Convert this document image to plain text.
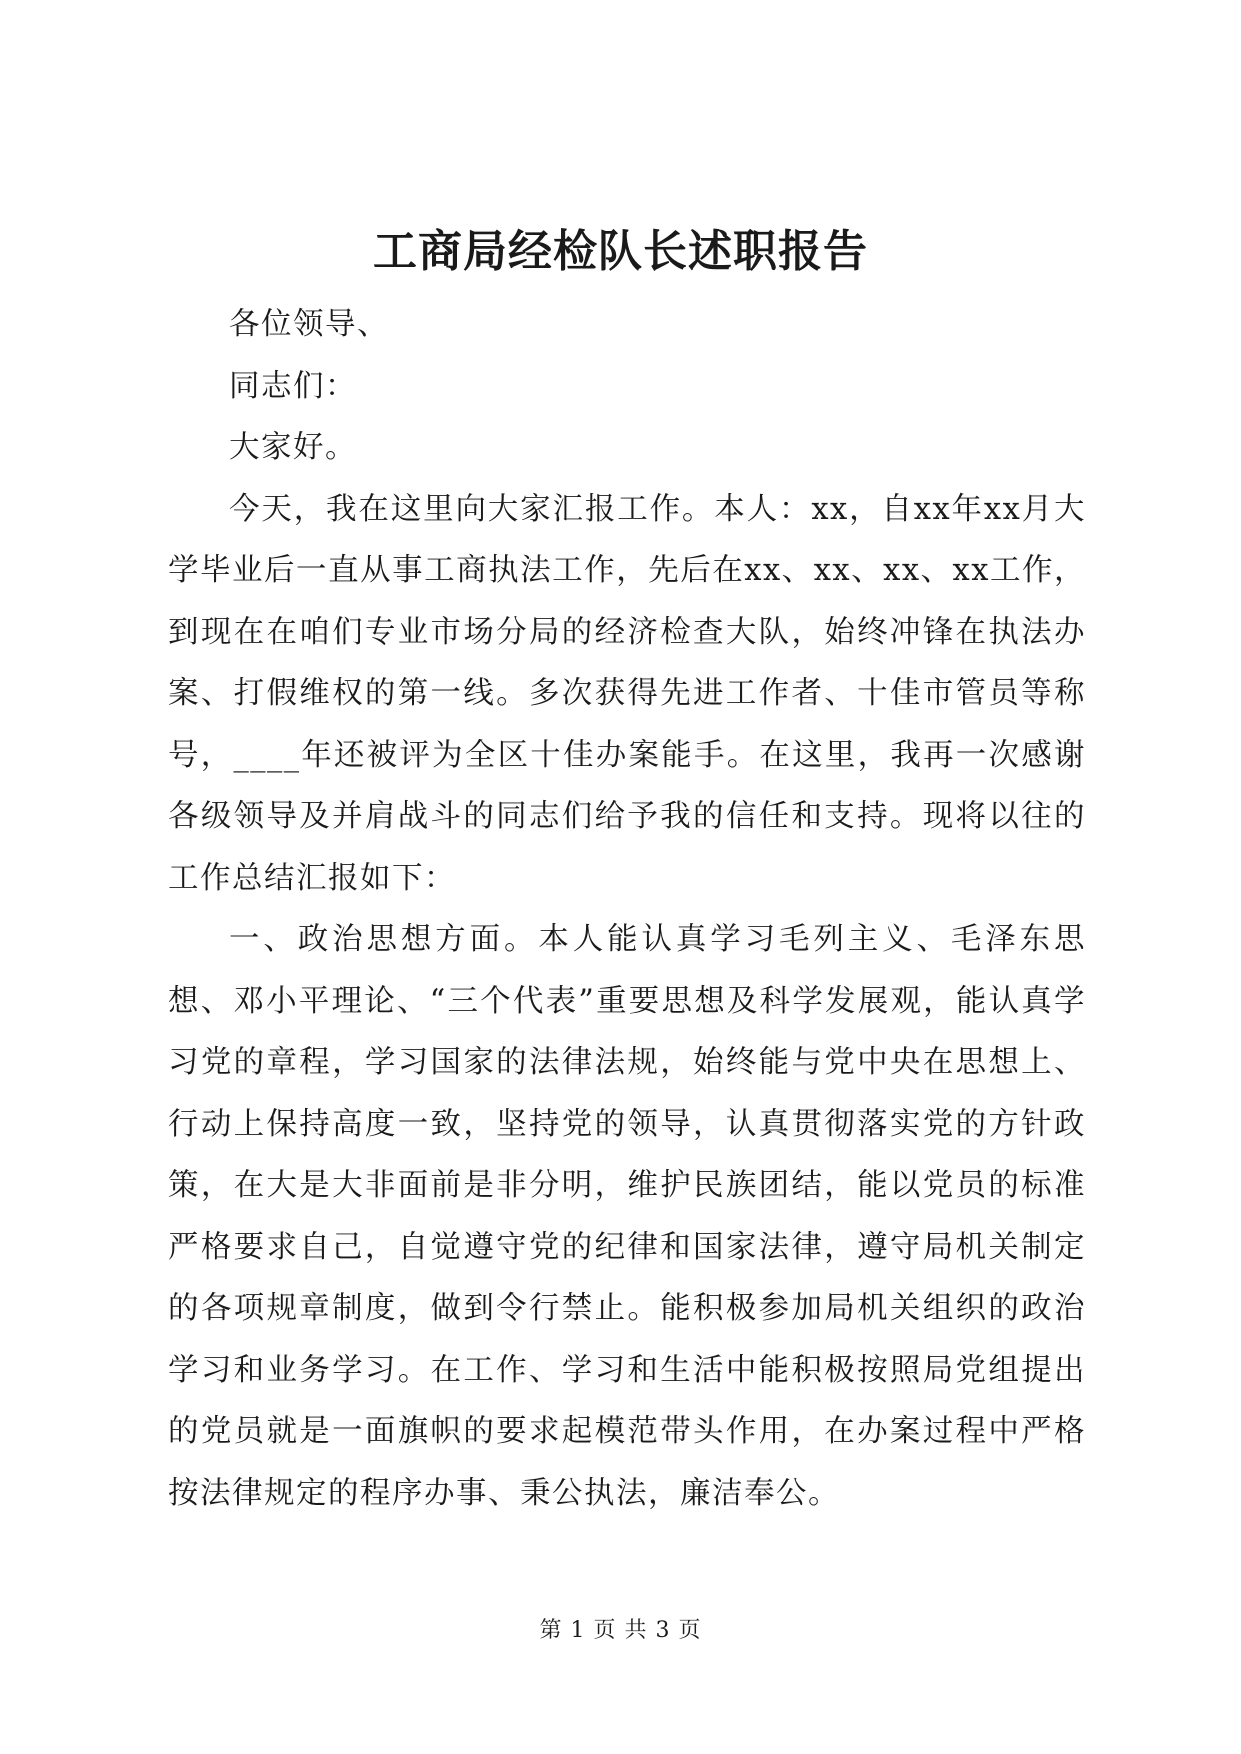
工商局经检队长述职报告

各位领导、

同志们：

大家好。

今天，我在这里向大家汇报工作。本人：xx，自xx年xx月大学毕业后一直从事工商执法工作，先后在xx、xx、xx、xx工作，到现在在咱们专业市场分局的经济检查大队，始终冲锋在执法办案、打假维权的第一线。多次获得先进工作者、十佳市管员等称号，____年还被评为全区十佳办案能手。在这里，我再一次感谢各级领导及并肩战斗的同志们给予我的信任和支持。现将以往的工作总结汇报如下：

一、政治思想方面。本人能认真学习毛列主义、毛泽东思想、邓小平理论、“三个代表”重要思想及科学发展观，能认真学习党的章程，学习国家的法律法规，始终能与党中央在思想上、行动上保持高度一致，坚持党的领导，认真贯彻落实党的方针政策，在大是大非面前是非分明，维护民族团结，能以党员的标准严格要求自己，自觉遵守党的纪律和国家法律，遵守局机关制定的各项规章制度，做到令行禁止。能积极参加局机关组织的政治学习和业务学习。在工作、学习和生活中能积极按照局党组提出的党员就是一面旗帜的要求起模范带头作用，在办案过程中严格按法律规定的程序办事、秉公执法，廉洁奉公。

第 1 页 共 3 页
